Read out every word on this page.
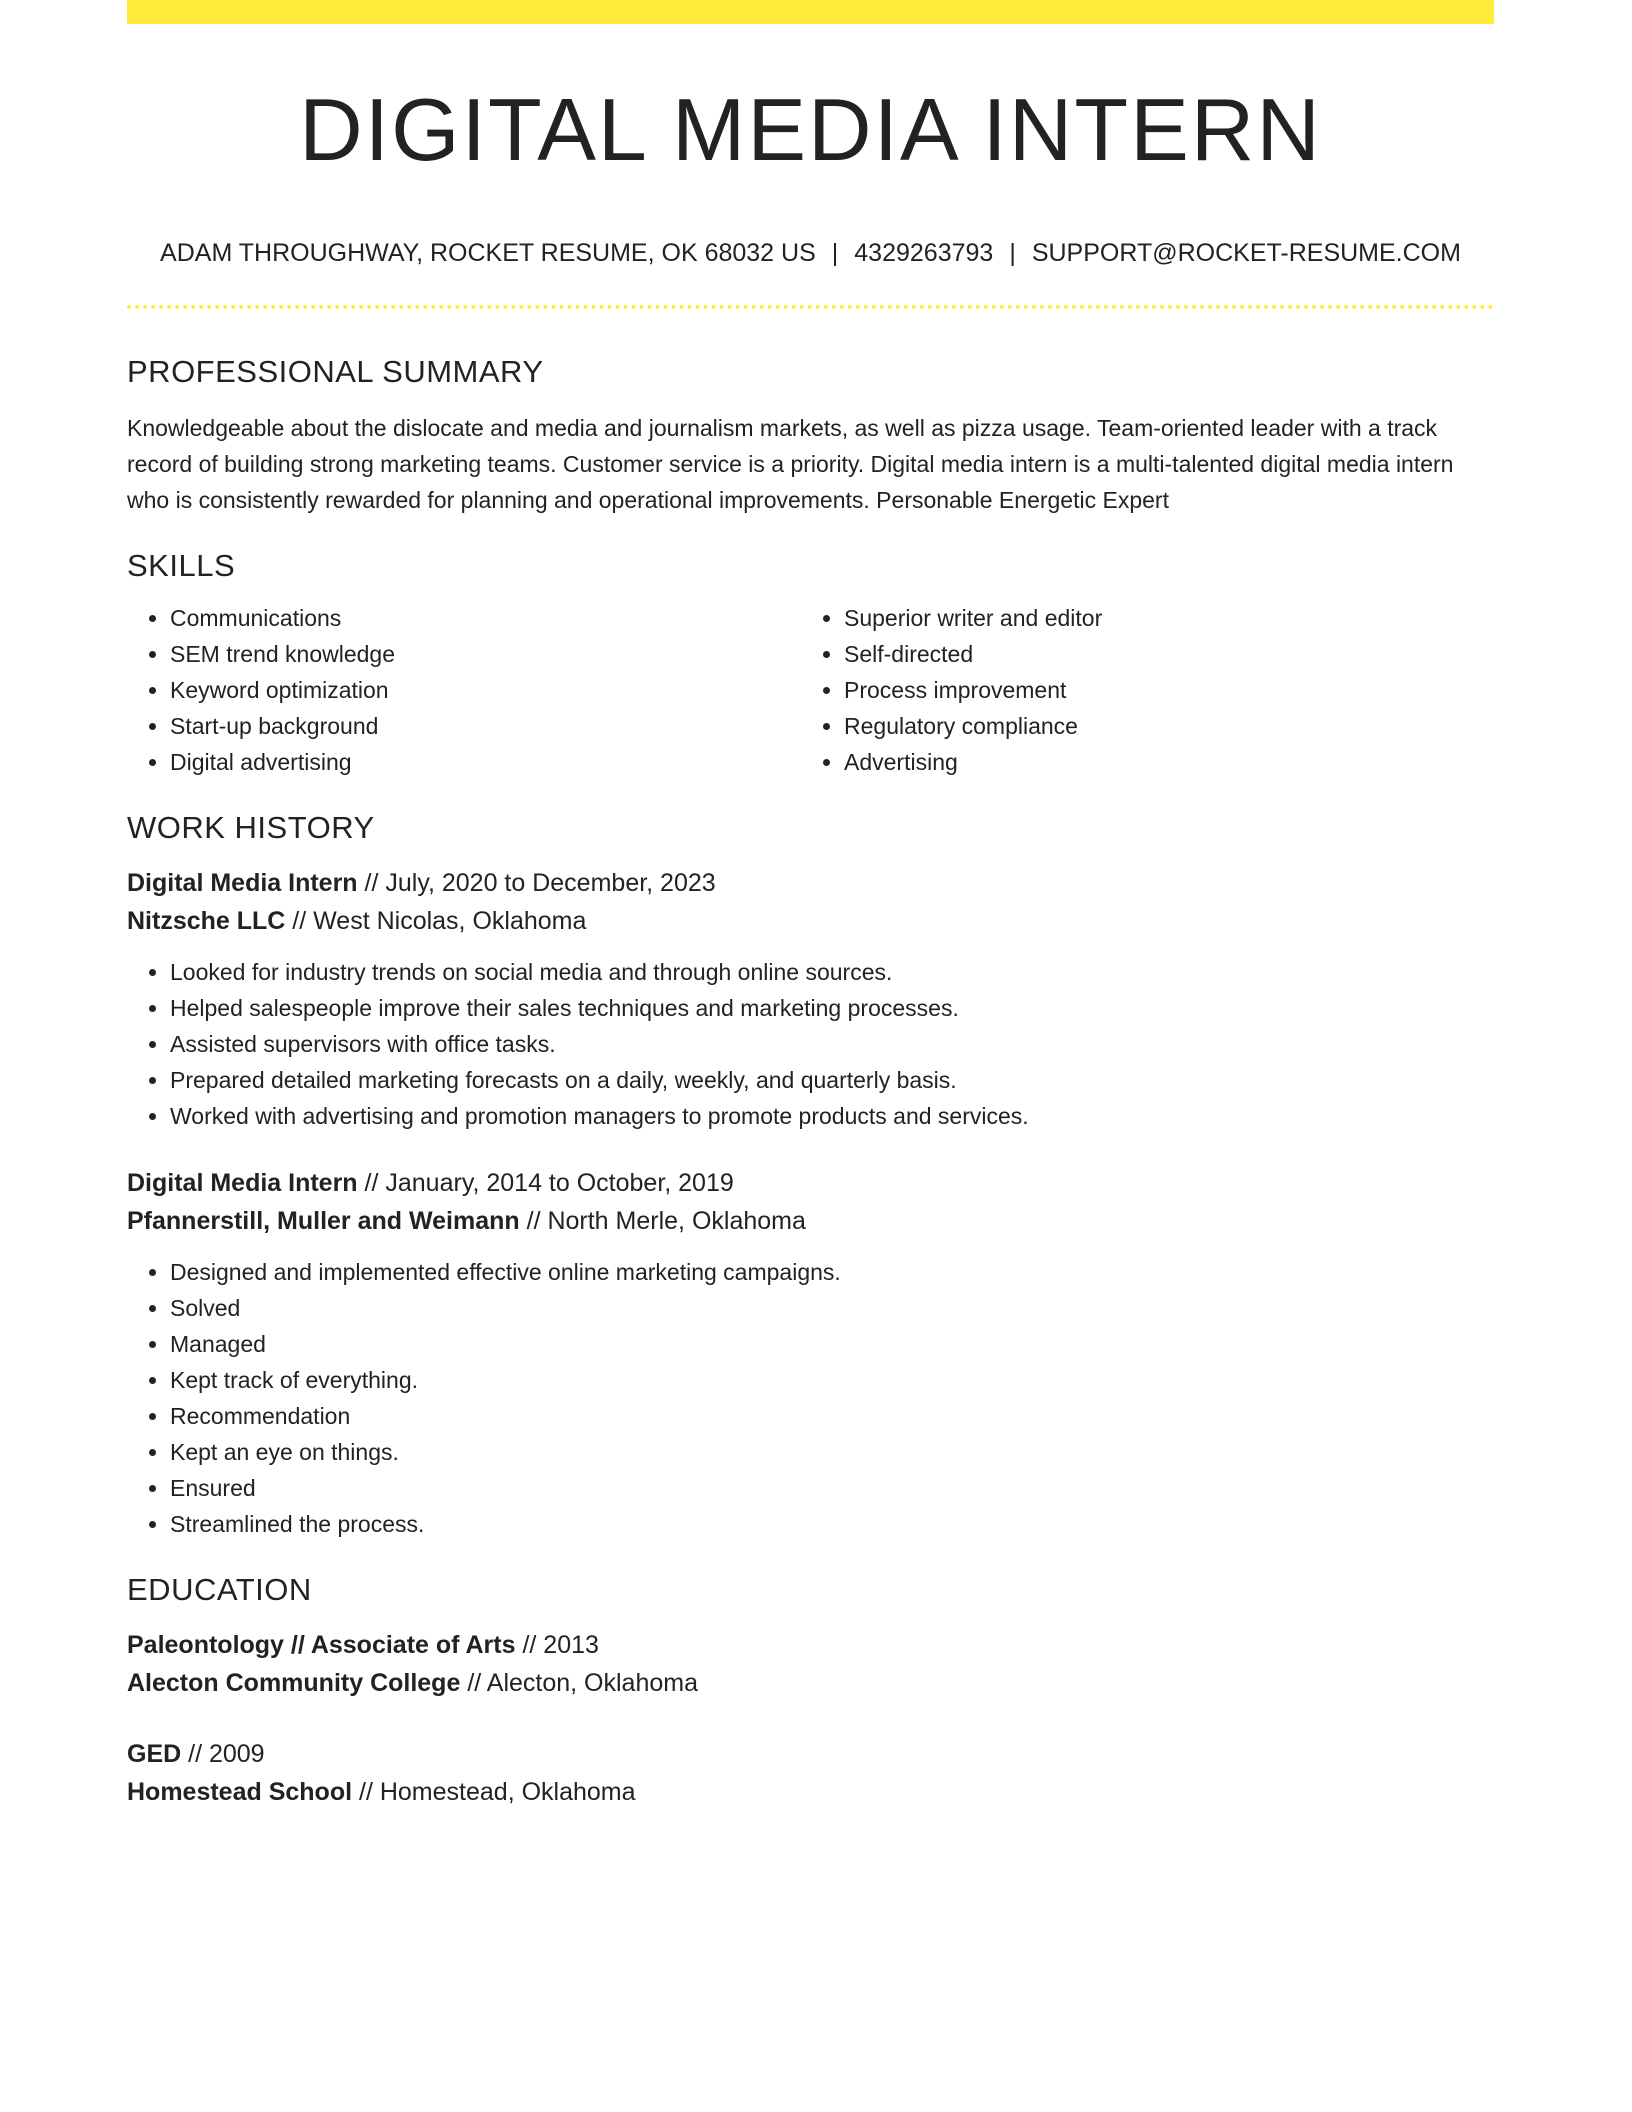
DIGITAL MEDIA INTERN
ADAM THROUGHWAY, ROCKET RESUME, OK 68032 US | 4329263793 | SUPPORT@ROCKET-RESUME.COM
PROFESSIONAL SUMMARY

Knowledgeable about the dislocate and media and journalism markets, as well as pizza usage. Team-oriented leader with a track record of building strong marketing teams. Customer service is a priority. Digital media intern is a multi-talented digital media intern who is consistently rewarded for planning and operational improvements. Personable Energetic Expert

SKILLS
• Communications
• SEM trend knowledge
• Keyword optimization
• Start-up background
• Digital advertising
• Superior writer and editor
• Self-directed
• Process improvement
• Regulatory compliance
• Advertising
WORK HISTORY
Digital Media Intern // July, 2020 to December, 2023
Nitzsche LLC // West Nicolas, Oklahoma
• Looked for industry trends on social media and through online sources.
• Helped salespeople improve their sales techniques and marketing processes.
• Assisted supervisors with office tasks.
• Prepared detailed marketing forecasts on a daily, weekly, and quarterly basis.
• Worked with advertising and promotion managers to promote products and services.
Digital Media Intern // January, 2014 to October, 2019
Pfannerstill, Muller and Weimann // North Merle, Oklahoma
• Designed and implemented effective online marketing campaigns.
• Solved
• Managed
• Kept track of everything.
• Recommendation
• Kept an eye on things.
• Ensured
• Streamlined the process.
EDUCATION
Paleontology // Associate of Arts // 2013
Alecton Community College // Alecton, Oklahoma
GED // 2009
Homestead School // Homestead, Oklahoma
